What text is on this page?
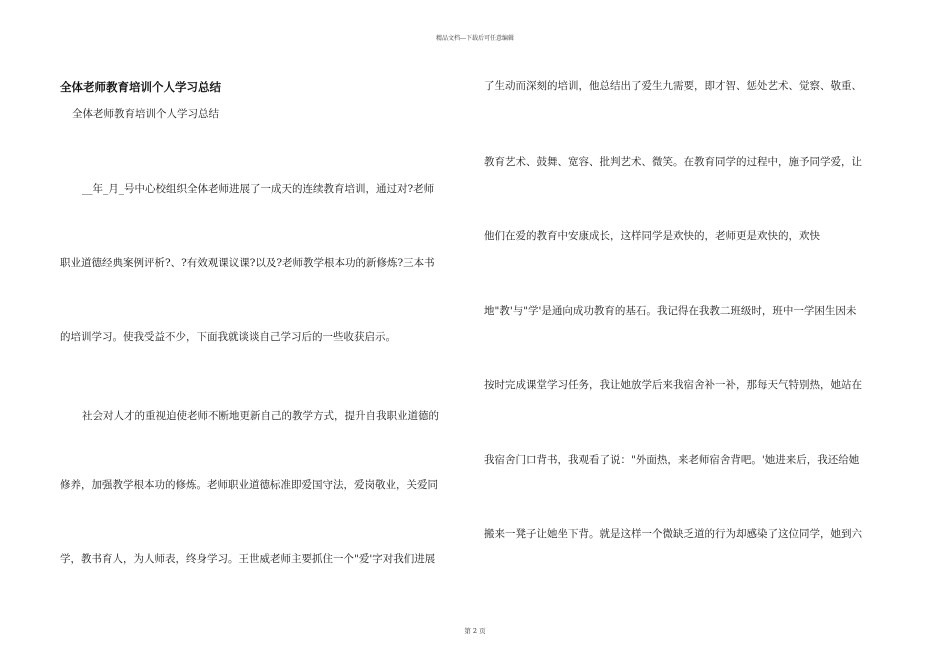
精品文档---下载后可任意编辑
全体老师教育培训个人学习总结
全体老师教育培训个人学习总结
__年_月_号中心校组织全体老师进展了一成天的连续教育培训，通过对?老师
职业道德经典案例评析?、?有效观课议课?以及?老师教学根本功的新修炼?三本书
的培训学习。使我受益不少，下面我就谈谈自己学习后的一些收获启示。
社会对人才的重视迫使老师不断地更新自己的教学方式，提升自我职业道德的
修养，加强教学根本功的修炼。老师职业道德标准即爱国守法，爱岗敬业，关爱同
学，教书育人，为人师表，终身学习。王世威老师主要抓住一个"爱'字对我们进展
了生动而深刻的培训，他总结出了爱生九需要，即才智、惩处艺术、觉察、敬重、
教育艺术、鼓舞、宽容、批判艺术、微笑。在教育同学的过程中，施予同学爱，让
他们在爱的教育中安康成长，这样同学是欢快的，老师更是欢快的，欢快
地"教'与"学'是通向成功教育的基石。我记得在我教二班级时，班中一学困生因未
按时完成课堂学习任务，我让她放学后来我宿舍补一补，那每天气特别热，她站在
我宿舍门口背书，我观看了说："外面热，来老师宿舍背吧。'她进来后，我还给她
搬来一凳子让她坐下背。就是这样一个微缺乏道的行为却感染了这位同学，她到六
第 2 页
